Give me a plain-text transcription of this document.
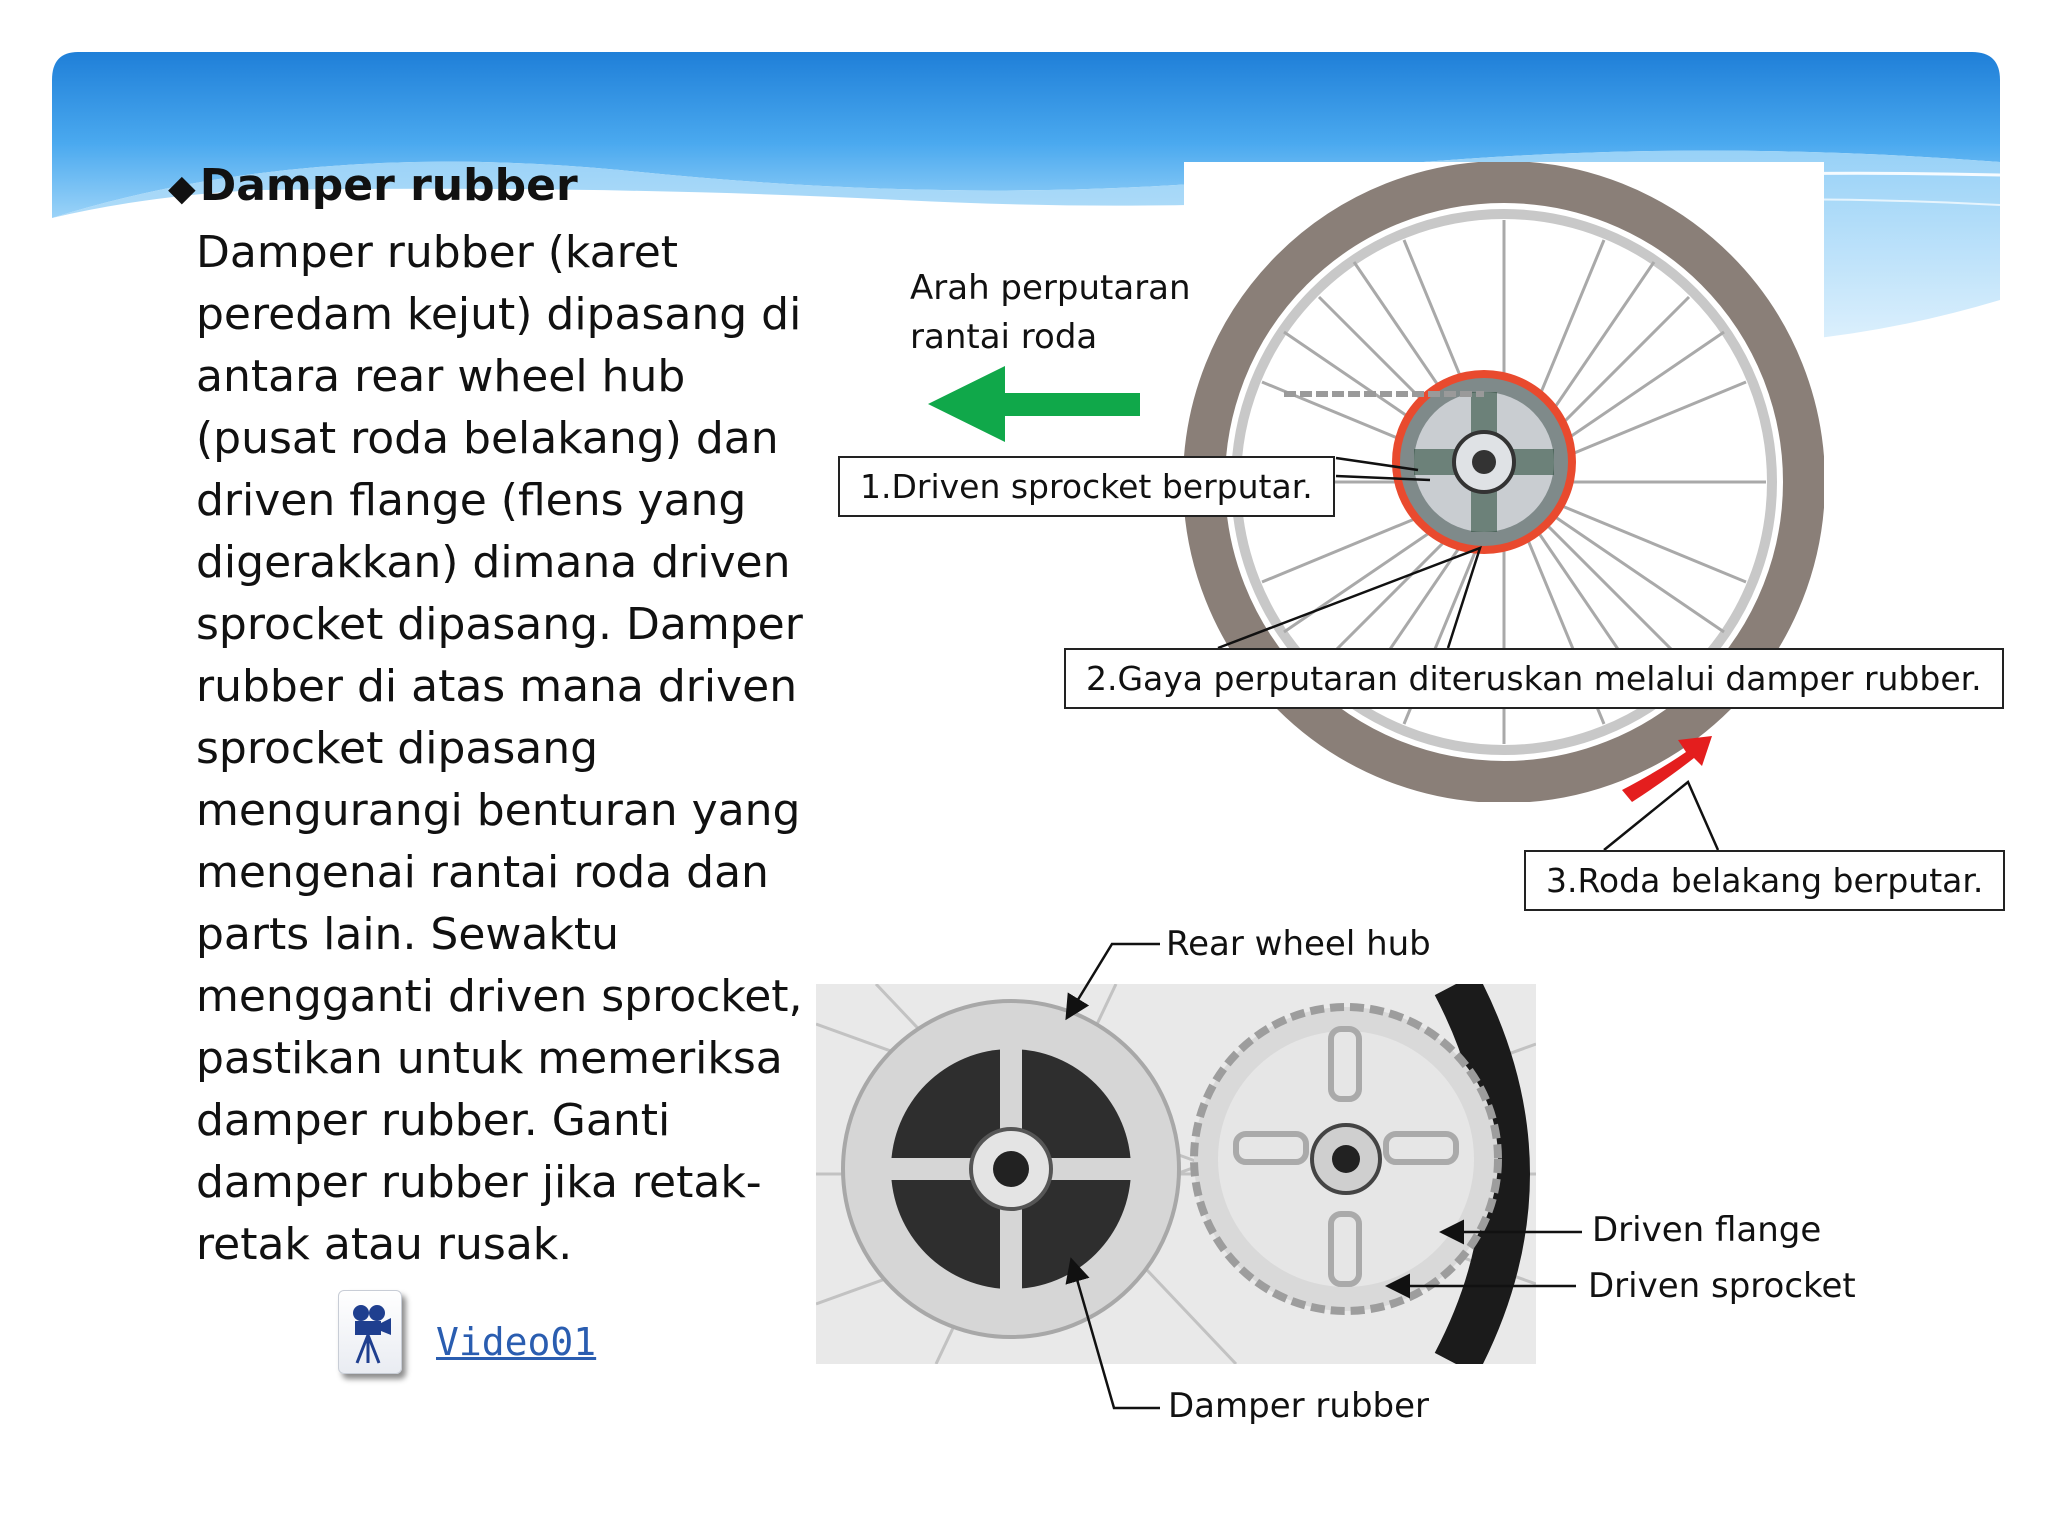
◆Damper rubber

Damper rubber (karet peredam kejut) dipasang di antara rear wheel hub (pusat roda belakang) dan driven flange (flens yang digerakkan) dimana driven sprocket dipasang. Damper rubber di atas mana driven sprocket dipasang mengurangi benturan yang mengenai rantai roda dan parts lain. Sewaktu mengganti driven sprocket, pastikan untuk memeriksa damper rubber. Ganti damper rubber jika retak-retak atau rusak.

Arah perputaran
rantai roda
1.Driven sprocket berputar.
2.Gaya perputaran diteruskan melalui damper rubber.
3.Roda belakang berputar.
Rear wheel hub
Driven flange
Driven sprocket
Damper rubber
Video01
